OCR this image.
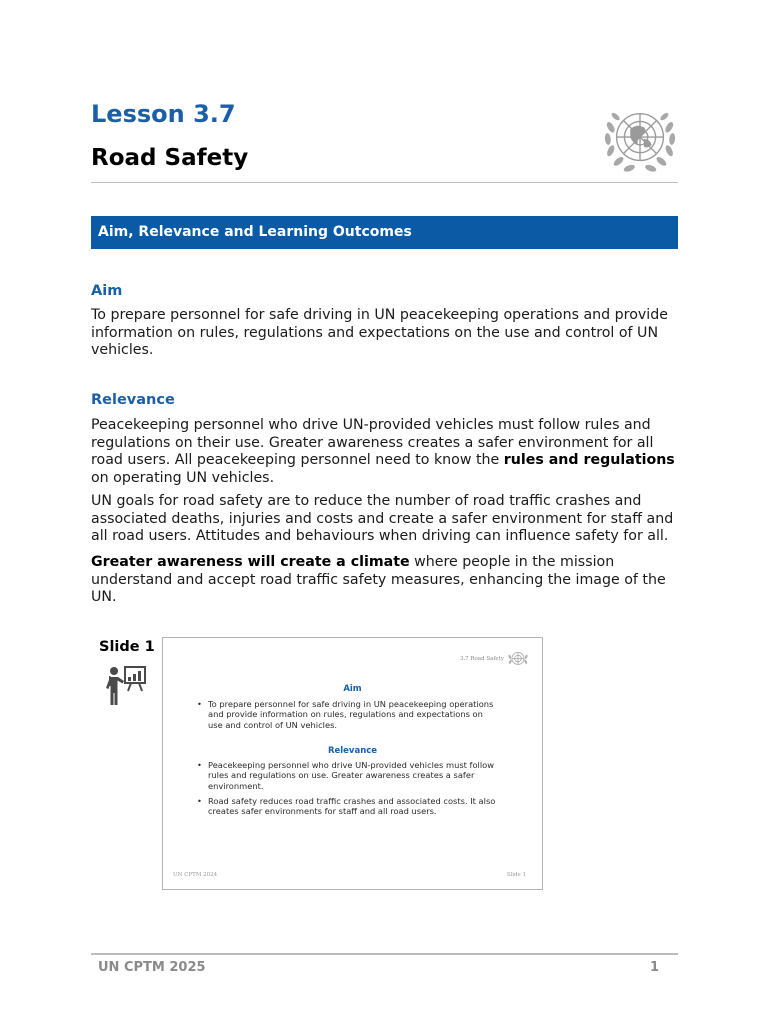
Lesson 3.7
Road Safety
Aim, Relevance and Learning Outcomes
Aim

To prepare personnel for safe driving in UN peacekeeping operations and provide information on rules, regulations and expectations on the use and control of UN vehicles.

Relevance

Peacekeeping personnel who drive UN-provided vehicles must follow rules and regulations on their use. Greater awareness creates a safer environment for all road users. All peacekeeping personnel need to know the rules and regulations on operating UN vehicles.

UN goals for road safety are to reduce the number of road traffic crashes and associated deaths, injuries and costs and create a safer environment for staff and all road users. Attitudes and behaviours when driving can influence safety for all.

Greater awareness will create a climate where people in the mission understand and accept road traffic safety measures, enhancing the image of the UN.

Slide 1
3.7 Road Safety
Aim
• To prepare personnel for safe driving in UN peacekeeping operations and provide information on rules, regulations and expectations on use and control of UN vehicles.
Relevance
• Peacekeeping personnel who drive UN-provided vehicles must follow rules and regulations on use. Greater awareness creates a safer environment.
• Road safety reduces road traffic crashes and associated costs. It also creates safer environments for staff and all road users.
UN CPTM 2024	Slide 1
UN CPTM 2025	1
